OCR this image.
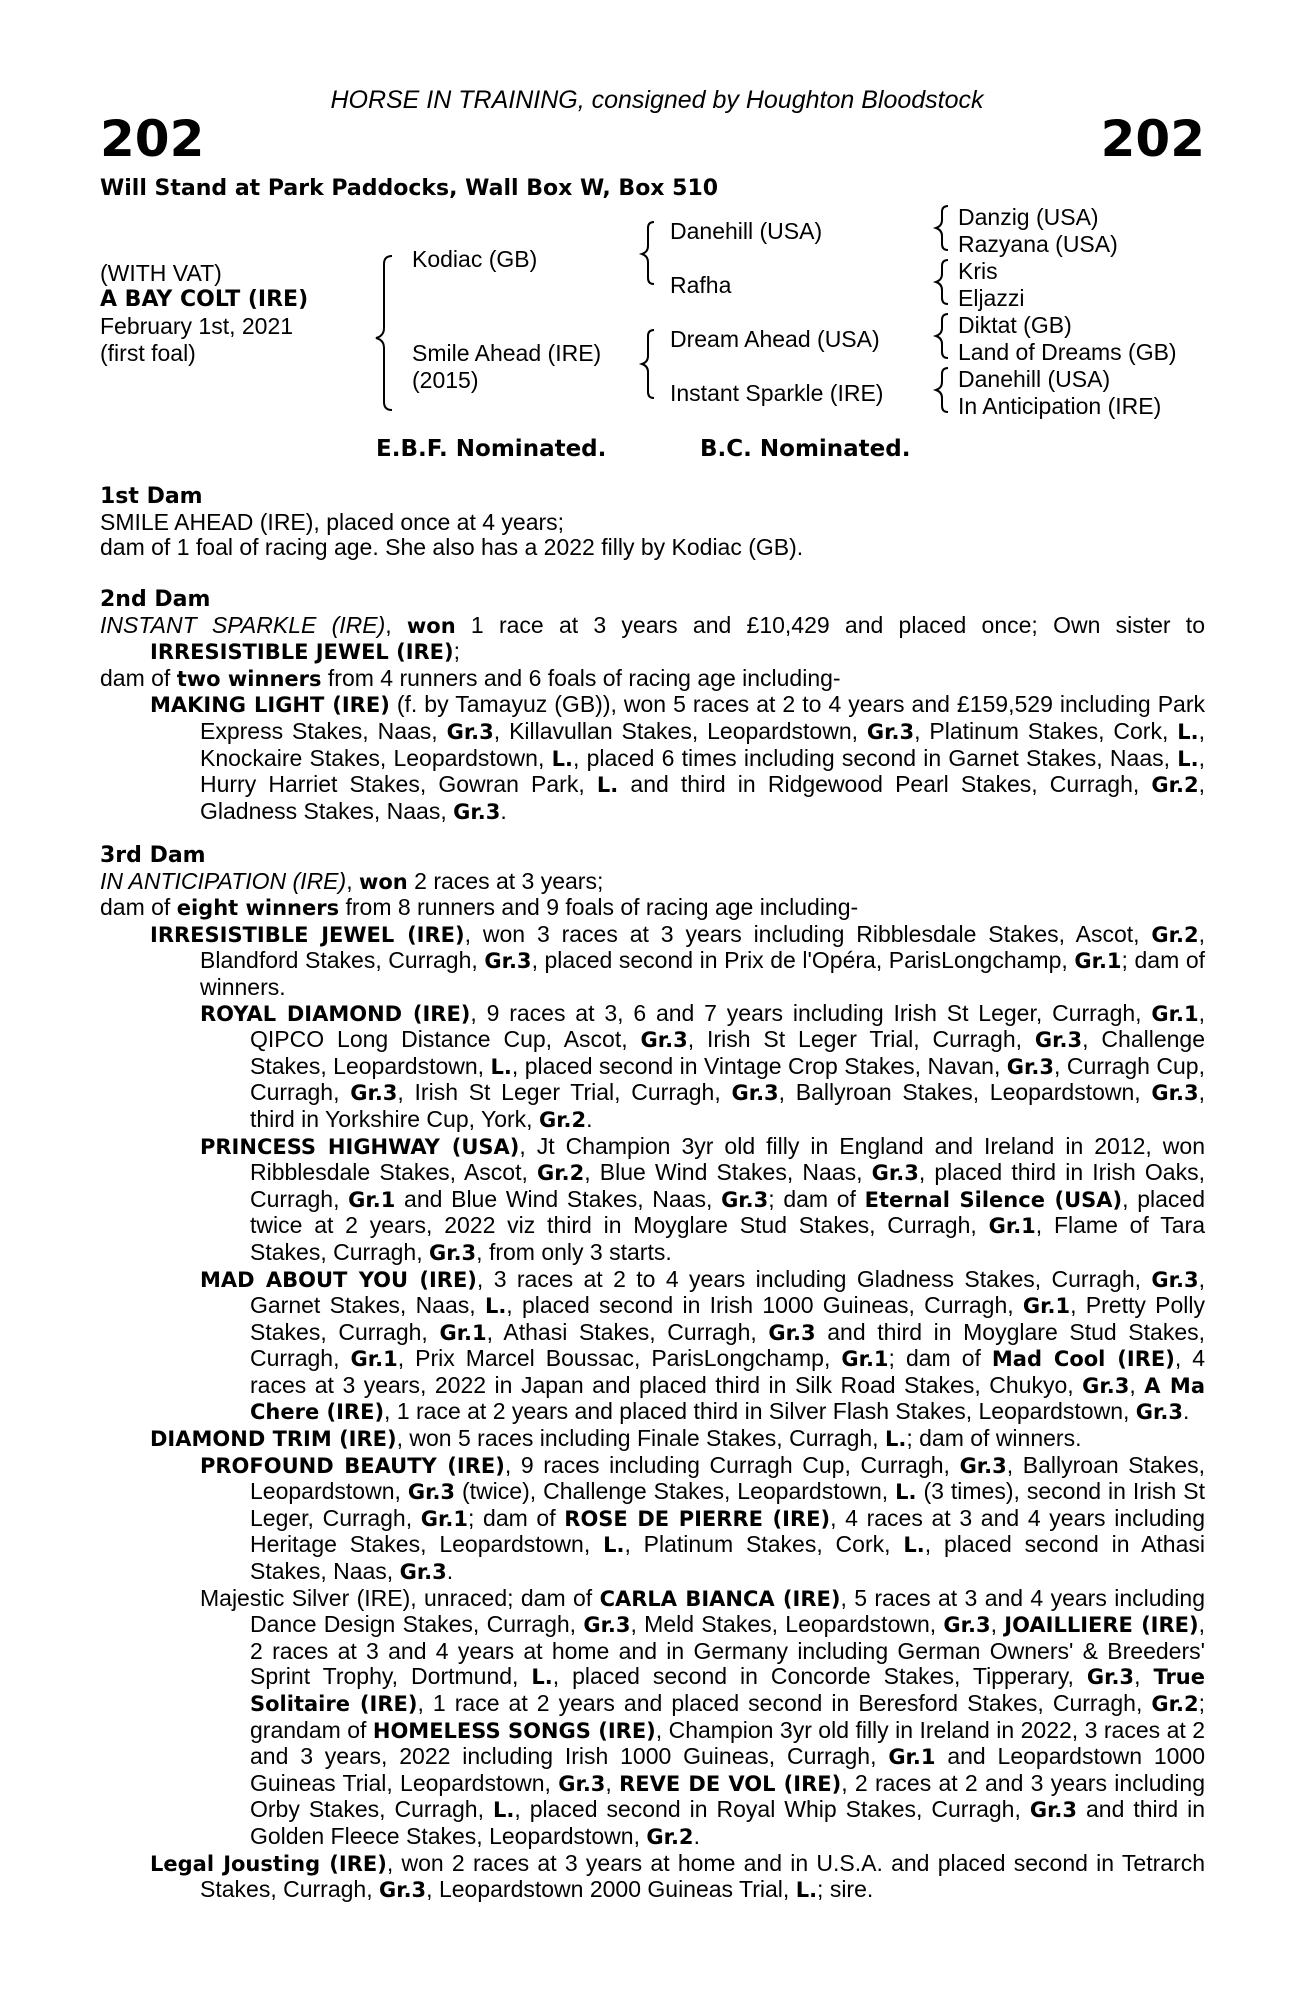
HORSE IN TRAINING, consigned by Houghton Bloodstock
202	202
Will Stand at Park Paddocks, Wall Box W, Box 510
(WITH VAT)
A BAY COLT (IRE)
February 1st, 2021
(first foal)
Kodiac (GB)
Smile Ahead (IRE)
(2015)
Danehill (USA)
Rafha
Dream Ahead (USA)
Instant Sparkle (IRE)
Danzig (USA)
Razyana (USA)
Kris
Eljazzi
Diktat (GB)
Land of Dreams (GB)
Danehill (USA)
In Anticipation (IRE)
E.B.F. Nominated.	B.C. Nominated.
1st Dam
SMILE AHEAD (IRE), placed once at 4 years;
dam of 1 foal of racing age. She also has a 2022 filly by Kodiac (GB).
2nd Dam
INSTANT SPARKLE (IRE), won 1 race at 3 years and £10,429 and placed once; Own sister to IRRESISTIBLE JEWEL (IRE);
dam of two winners from 4 runners and 6 foals of racing age including-
MAKING LIGHT (IRE) (f. by Tamayuz (GB)), won 5 races at 2 to 4 years and £159,529 including Park Express Stakes, Naas, Gr.3, Killavullan Stakes, Leopardstown, Gr.3, Platinum Stakes, Cork, L., Knockaire Stakes, Leopardstown, L., placed 6 times including second in Garnet Stakes, Naas, L., Hurry Harriet Stakes, Gowran Park, L. and third in Ridgewood Pearl Stakes, Curragh, Gr.2, Gladness Stakes, Naas, Gr.3.
3rd Dam
IN ANTICIPATION (IRE), won 2 races at 3 years;
dam of eight winners from 8 runners and 9 foals of racing age including-
IRRESISTIBLE JEWEL (IRE), won 3 races at 3 years including Ribblesdale Stakes, Ascot, Gr.2, Blandford Stakes, Curragh, Gr.3, placed second in Prix de l'Opéra, ParisLongchamp, Gr.1; dam of winners.
ROYAL DIAMOND (IRE), 9 races at 3, 6 and 7 years including Irish St Leger, Curragh, Gr.1, QIPCO Long Distance Cup, Ascot, Gr.3, Irish St Leger Trial, Curragh, Gr.3, Challenge Stakes, Leopardstown, L., placed second in Vintage Crop Stakes, Navan, Gr.3, Curragh Cup, Curragh, Gr.3, Irish St Leger Trial, Curragh, Gr.3, Ballyroan Stakes, Leopardstown, Gr.3, third in Yorkshire Cup, York, Gr.2.
PRINCESS HIGHWAY (USA), Jt Champion 3yr old filly in England and Ireland in 2012, won Ribblesdale Stakes, Ascot, Gr.2, Blue Wind Stakes, Naas, Gr.3, placed third in Irish Oaks, Curragh, Gr.1 and Blue Wind Stakes, Naas, Gr.3; dam of Eternal Silence (USA), placed twice at 2 years, 2022 viz third in Moyglare Stud Stakes, Curragh, Gr.1, Flame of Tara Stakes, Curragh, Gr.3, from only 3 starts.
MAD ABOUT YOU (IRE), 3 races at 2 to 4 years including Gladness Stakes, Curragh, Gr.3, Garnet Stakes, Naas, L., placed second in Irish 1000 Guineas, Curragh, Gr.1, Pretty Polly Stakes, Curragh, Gr.1, Athasi Stakes, Curragh, Gr.3 and third in Moyglare Stud Stakes, Curragh, Gr.1, Prix Marcel Boussac, ParisLongchamp, Gr.1; dam of Mad Cool (IRE), 4 races at 3 years, 2022 in Japan and placed third in Silk Road Stakes, Chukyo, Gr.3, A Ma Chere (IRE), 1 race at 2 years and placed third in Silver Flash Stakes, Leopardstown, Gr.3.
DIAMOND TRIM (IRE), won 5 races including Finale Stakes, Curragh, L.; dam of winners.
PROFOUND BEAUTY (IRE), 9 races including Curragh Cup, Curragh, Gr.3, Ballyroan Stakes, Leopardstown, Gr.3 (twice), Challenge Stakes, Leopardstown, L. (3 times), second in Irish St Leger, Curragh, Gr.1; dam of ROSE DE PIERRE (IRE), 4 races at 3 and 4 years including Heritage Stakes, Leopardstown, L., Platinum Stakes, Cork, L., placed second in Athasi Stakes, Naas, Gr.3.
Majestic Silver (IRE), unraced; dam of CARLA BIANCA (IRE), 5 races at 3 and 4 years including Dance Design Stakes, Curragh, Gr.3, Meld Stakes, Leopardstown, Gr.3, JOAILLIERE (IRE), 2 races at 3 and 4 years at home and in Germany including German Owners' & Breeders' Sprint Trophy, Dortmund, L., placed second in Concorde Stakes, Tipperary, Gr.3, True Solitaire (IRE), 1 race at 2 years and placed second in Beresford Stakes, Curragh, Gr.2; grandam of HOMELESS SONGS (IRE), Champion 3yr old filly in Ireland in 2022, 3 races at 2 and 3 years, 2022 including Irish 1000 Guineas, Curragh, Gr.1 and Leopardstown 1000 Guineas Trial, Leopardstown, Gr.3, REVE DE VOL (IRE), 2 races at 2 and 3 years including Orby Stakes, Curragh, L., placed second in Royal Whip Stakes, Curragh, Gr.3 and third in Golden Fleece Stakes, Leopardstown, Gr.2.
Legal Jousting (IRE), won 2 races at 3 years at home and in U.S.A. and placed second in Tetrarch Stakes, Curragh, Gr.3, Leopardstown 2000 Guineas Trial, L.; sire.
